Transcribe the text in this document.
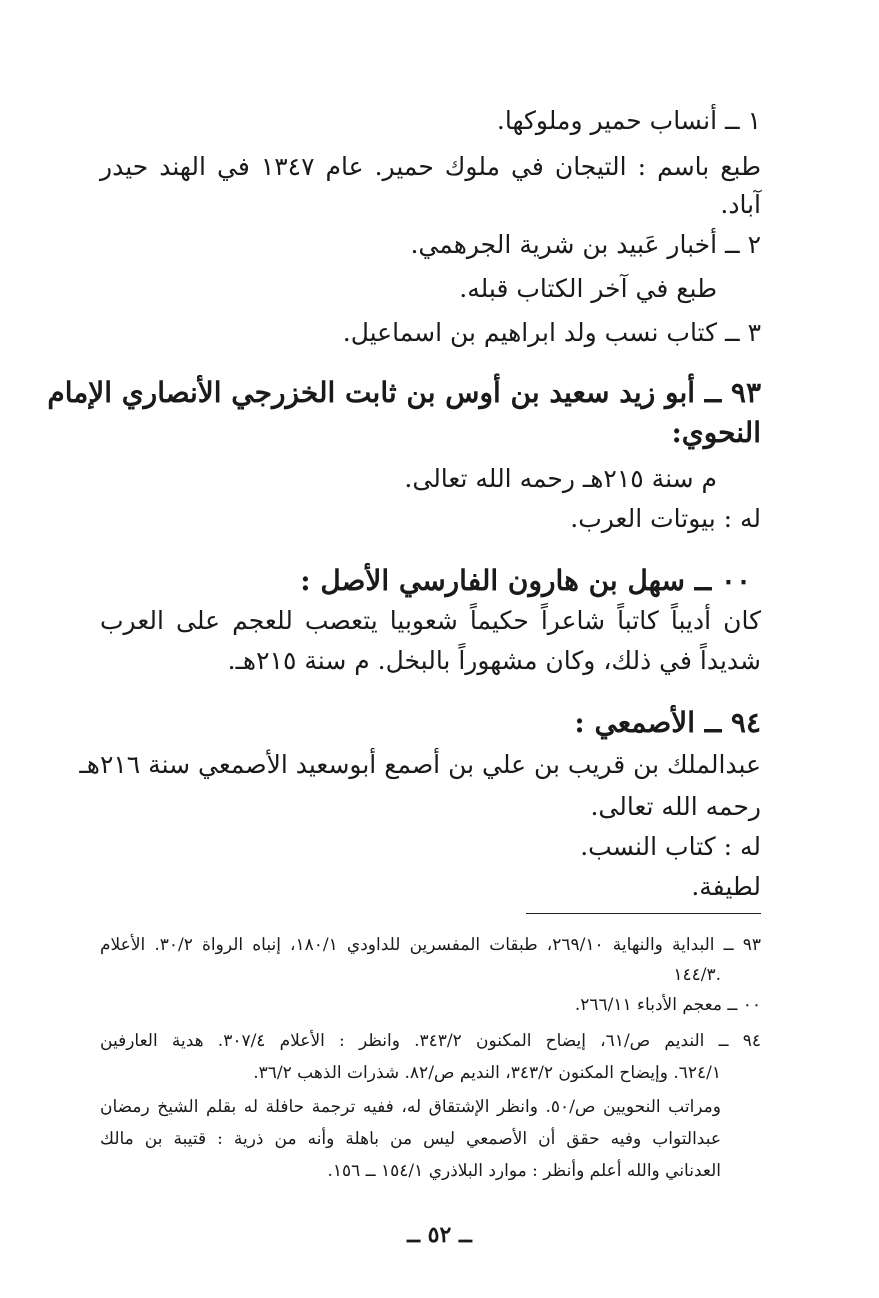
١ ــ أنساب حمير وملوكها.
طبع باسم : التيجان في ملوك حمير. عام ١٣٤٧ في الهند حيدر
آباد.
٢ ــ أخبار عَبيد بن شرية الجرهمي.
طبع في آخر الكتاب قبله.
٣ ــ كتاب نسب ولد ابراهيم بن اسماعيل.
٩٣ ــ أبو زيد سعيد بن أوس بن ثابت الخزرجي الأنصاري الإمام
النحوي:
م سنة ٢١٥هـ رحمه الله تعالى.
له : بيوتات العرب.
٠٠ ــ سهل بن هارون الفارسي الأصل :
كان أديباً كاتباً شاعراً حكيماً شعوبيا يتعصب للعجم على العرب
شديداً في ذلك، وكان مشهوراً بالبخل. م سنة ٢١٥هـ.
٩٤ ــ الأصمعي :
عبدالملك بن قريب بن علي بن أصمع أبوسعيد الأصمعي سنة ٢١٦هـ
رحمه الله تعالى.
له : كتاب النسب.
لطيفة.
٩٣ ــ البداية والنهاية ٢٦٩/١٠، طبقات المفسرين للداودي ١٨٠/١، إنباه الرواة ٣٠/٢. الأعلام
.١٤٤/٣
٠٠ ــ معجم الأدباء ٢٦٦/١١.
٩٤ ــ النديم ص/٦١، إيضاح المكنون ٣٤٣/٢. وانظر : الأعلام ٣٠٧/٤. هدية العارفين
٦٢٤/١. وإيضاح المكنون ٣٤٣/٢، النديم ص/٨٢. شذرات الذهب ٣٦/٢.
ومراتب النحويين ص/٥٠. وانظر الإشتقاق له، ففيه ترجمة حافلة له بقلم الشيخ رمضان
عبدالتواب وفيه حقق أن الأصمعي ليس من باهلة وأنه من ذرية : قتيبة بن مالك
العدناني والله أعلم وأنظر : موارد البلاذري ١٥٤/١ ــ ١٥٦.
ــ ٥٢ ــ
